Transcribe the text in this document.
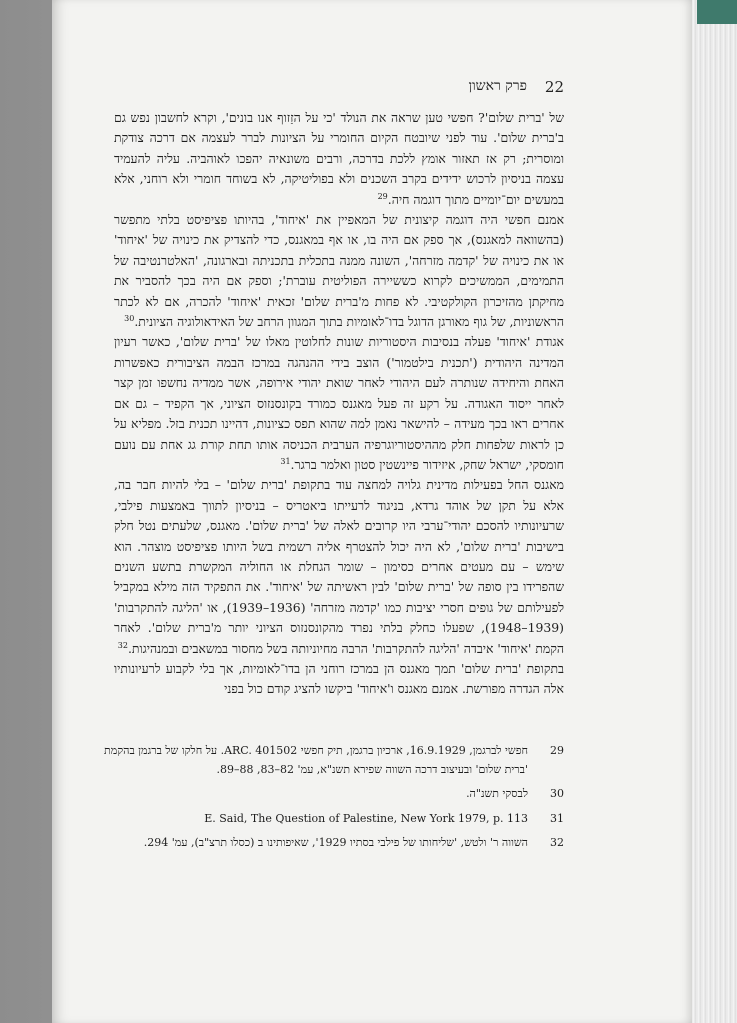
22
פרק ראשון

של 'ברית שלום'? חפשי טען שראה את הנולד 'כי על הזַזוף אנו בונים', וקרא לחשבון נפש גם ב'ברית שלום'. עוד לפני שיובטח הקיום החומרי על הציונות לברר לעצמה אם דרכה צודקת ומוסרית; רק אז תאזור אומץ ללכת בדרכה, ורבים משונאיה יהפכו לאוהביה. עליה להעמיד עצמה בניסיון לרכוש ידידים בקרב השכנים ולא בפוליטיקה, לא בשוחד חומרי ולא רוחני, אלא במעשים יום־יומיים מתוך דוגמה חיה.$^{29}$

אמנם חפשי היה דוגמה קיצונית של המאפיין את 'איחוד', בהיותו פציפיסט בלתי מתפשר (בהשוואה למאגנס), אך ספק אם היה בו, או אף במאגנס, כדי להצדיק את כינויה של 'איחוד' או את כינויה של 'קדמה מזרחה', השונה ממנה בתכלית בתכניתה ובארגונה, 'האלטרנטיבה של התמימים, הממשיכים לקרוא כששיירה הפוליטית עוברת'; וספק אם היה בכך להסביר את מחיקתן מהזיכרון הקולקטיבי. לא פחות מ'ברית שלום' זכאית 'איחוד' להכרה, אם לא לכתר הראשוניות, של גוף מאורגן הדוגל בדו־לאומיות בתוך המגוון הרחב של האידאולוגיה הציונית.$^{30}$

אגודת 'איחוד' פעלה בנסיבות היסטוריות שונות לחלוטין מאלו של 'ברית שלום', כאשר רעיון המדינה היהודית ('תכנית בילטמור') הוצב בידי ההנהגה במרכז הבמה הציבורית כאפשרות האחת והיחידה שנותרה לעם היהודי לאחר שואת יהודי אירופה, אשר ממדיה נחשפו זמן קצר לאחר ייסוד האגודה. על רקע זה פעל מאגנס כמורד בקונסנזוס הציוני, אך הקפיד – גם אם אחרים ראו בכך מעידה – להישאר נאמן למה שהוא תפס כציונות, דהיינו תכנית בזל. מפליא על כן לראות שלפחות חלק מההיסטוריוגרפיה הערבית הכניסה אותו תחת קורת גג אחת עם נועם חומסקי, ישראל שחק, איזידור פיינשטין סטון ואלמר ברגר.$^{31}$

מאגנס החל בפעילות מדינית גלויה למחצה עוד בתקופת 'ברית שלום' – בלי להיות חבר בה, אלא על תקן של אוהד גרדא, בניגוד לרעייתו ביאטריס – בניסיון לתווך באמצעות פילבי, שרעיונותיו להסכם יהודי־ערבי היו קרובים לאלה של 'ברית שלום'. מאגנס, שלעתים נטל חלק בישיבות 'ברית שלום', לא היה יכול להצטרף אליה רשמית בשל היותו פציפיסט מוצהר. הוא שימש – עם מעטים אחרים כסימון – שומר הגחלת או החוליה המקשרת בתשע השנים שהפרידו בין סופה של 'ברית שלום' לבין ראשיתה של 'איחוד'. את התפקיד הזה מילא במקביל לפעילותם של גופים חסרי יציבות כמו 'קדמה מזרחה' (1936–1939), או 'הליגה להתקרבות' (1939–1948), שפעלו כחלק בלתי נפרד מהקונסנזוס הציוני יותר מ'ברית שלום'. לאחר הקמת 'איחוד' איבדה 'הליגה להתקרבות' הרבה מחיוניותה בשל מחסור במשאבים ובמנהיגות.$^{32}$

בתקופת 'ברית שלום' תמך מאגנס הן במרכז רוחני הן בדו־לאומיות, אך בלי לקבוע לרעיונותיו אלה הגדרה מפורשת. אמנם מאגנס ו'איחוד' ביקשו להציג קודם כול בפני

29
חפשי לברגמן, 16.9.1929, ארכיון ברגמן, תיק חפשי ARC. 401502. על חלקו של ברגמן בהקמת 'ברית שלום' ובעיצוב דרכה השווה שפירא תשנ"א, עמ' 82–83, 88–89.
30
לבסקי תשנ"ה.
31
E. Said, The Question of Palestine, New York 1979, p. 113
32
השווה ר' ולטש, 'שליחותו של פילבי בסתיו 1929', שאיפותינו ב (כסלו תרצ"ב), עמ' 294.
